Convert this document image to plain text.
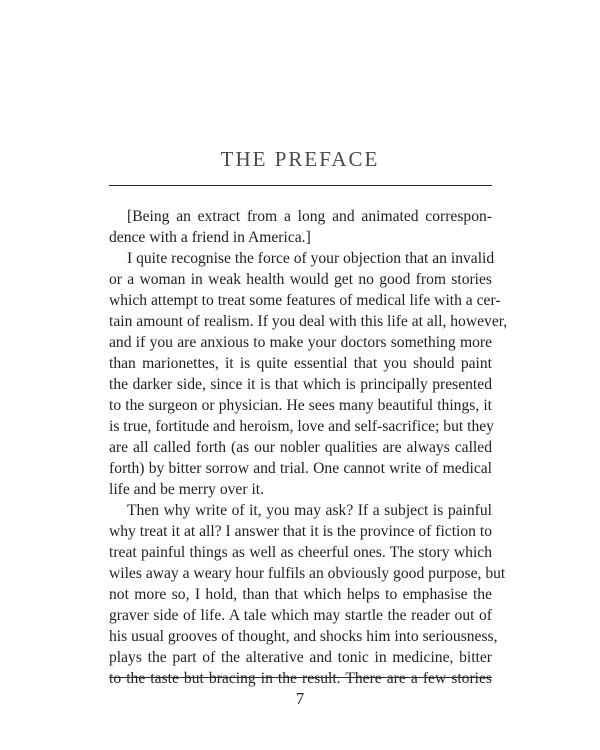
THE PREFACE
[Being an extract from a long and animated correspon-
dence with a friend in America.]
I quite recognise the force of your objection that an invalid
or a woman in weak health would get no good from stories
which attempt to treat some features of medical life with a cer-
tain amount of realism. If you deal with this life at all, however,
and if you are anxious to make your doctors something more
than marionettes, it is quite essential that you should paint
the darker side, since it is that which is principally presented
to the surgeon or physician. He sees many beautiful things, it
is true, fortitude and heroism, love and self-sacrifice; but they
are all called forth (as our nobler qualities are always called
forth) by bitter sorrow and trial. One cannot write of medical
life and be merry over it.
Then why write of it, you may ask? If a subject is painful
why treat it at all? I answer that it is the province of fiction to
treat painful things as well as cheerful ones. The story which
wiles away a weary hour fulfils an obviously good purpose, but
not more so, I hold, than that which helps to emphasise the
graver side of life. A tale which may startle the reader out of
his usual grooves of thought, and shocks him into seriousness,
plays the part of the alterative and tonic in medicine, bitter
to the taste but bracing in the result. There are a few stories
7
